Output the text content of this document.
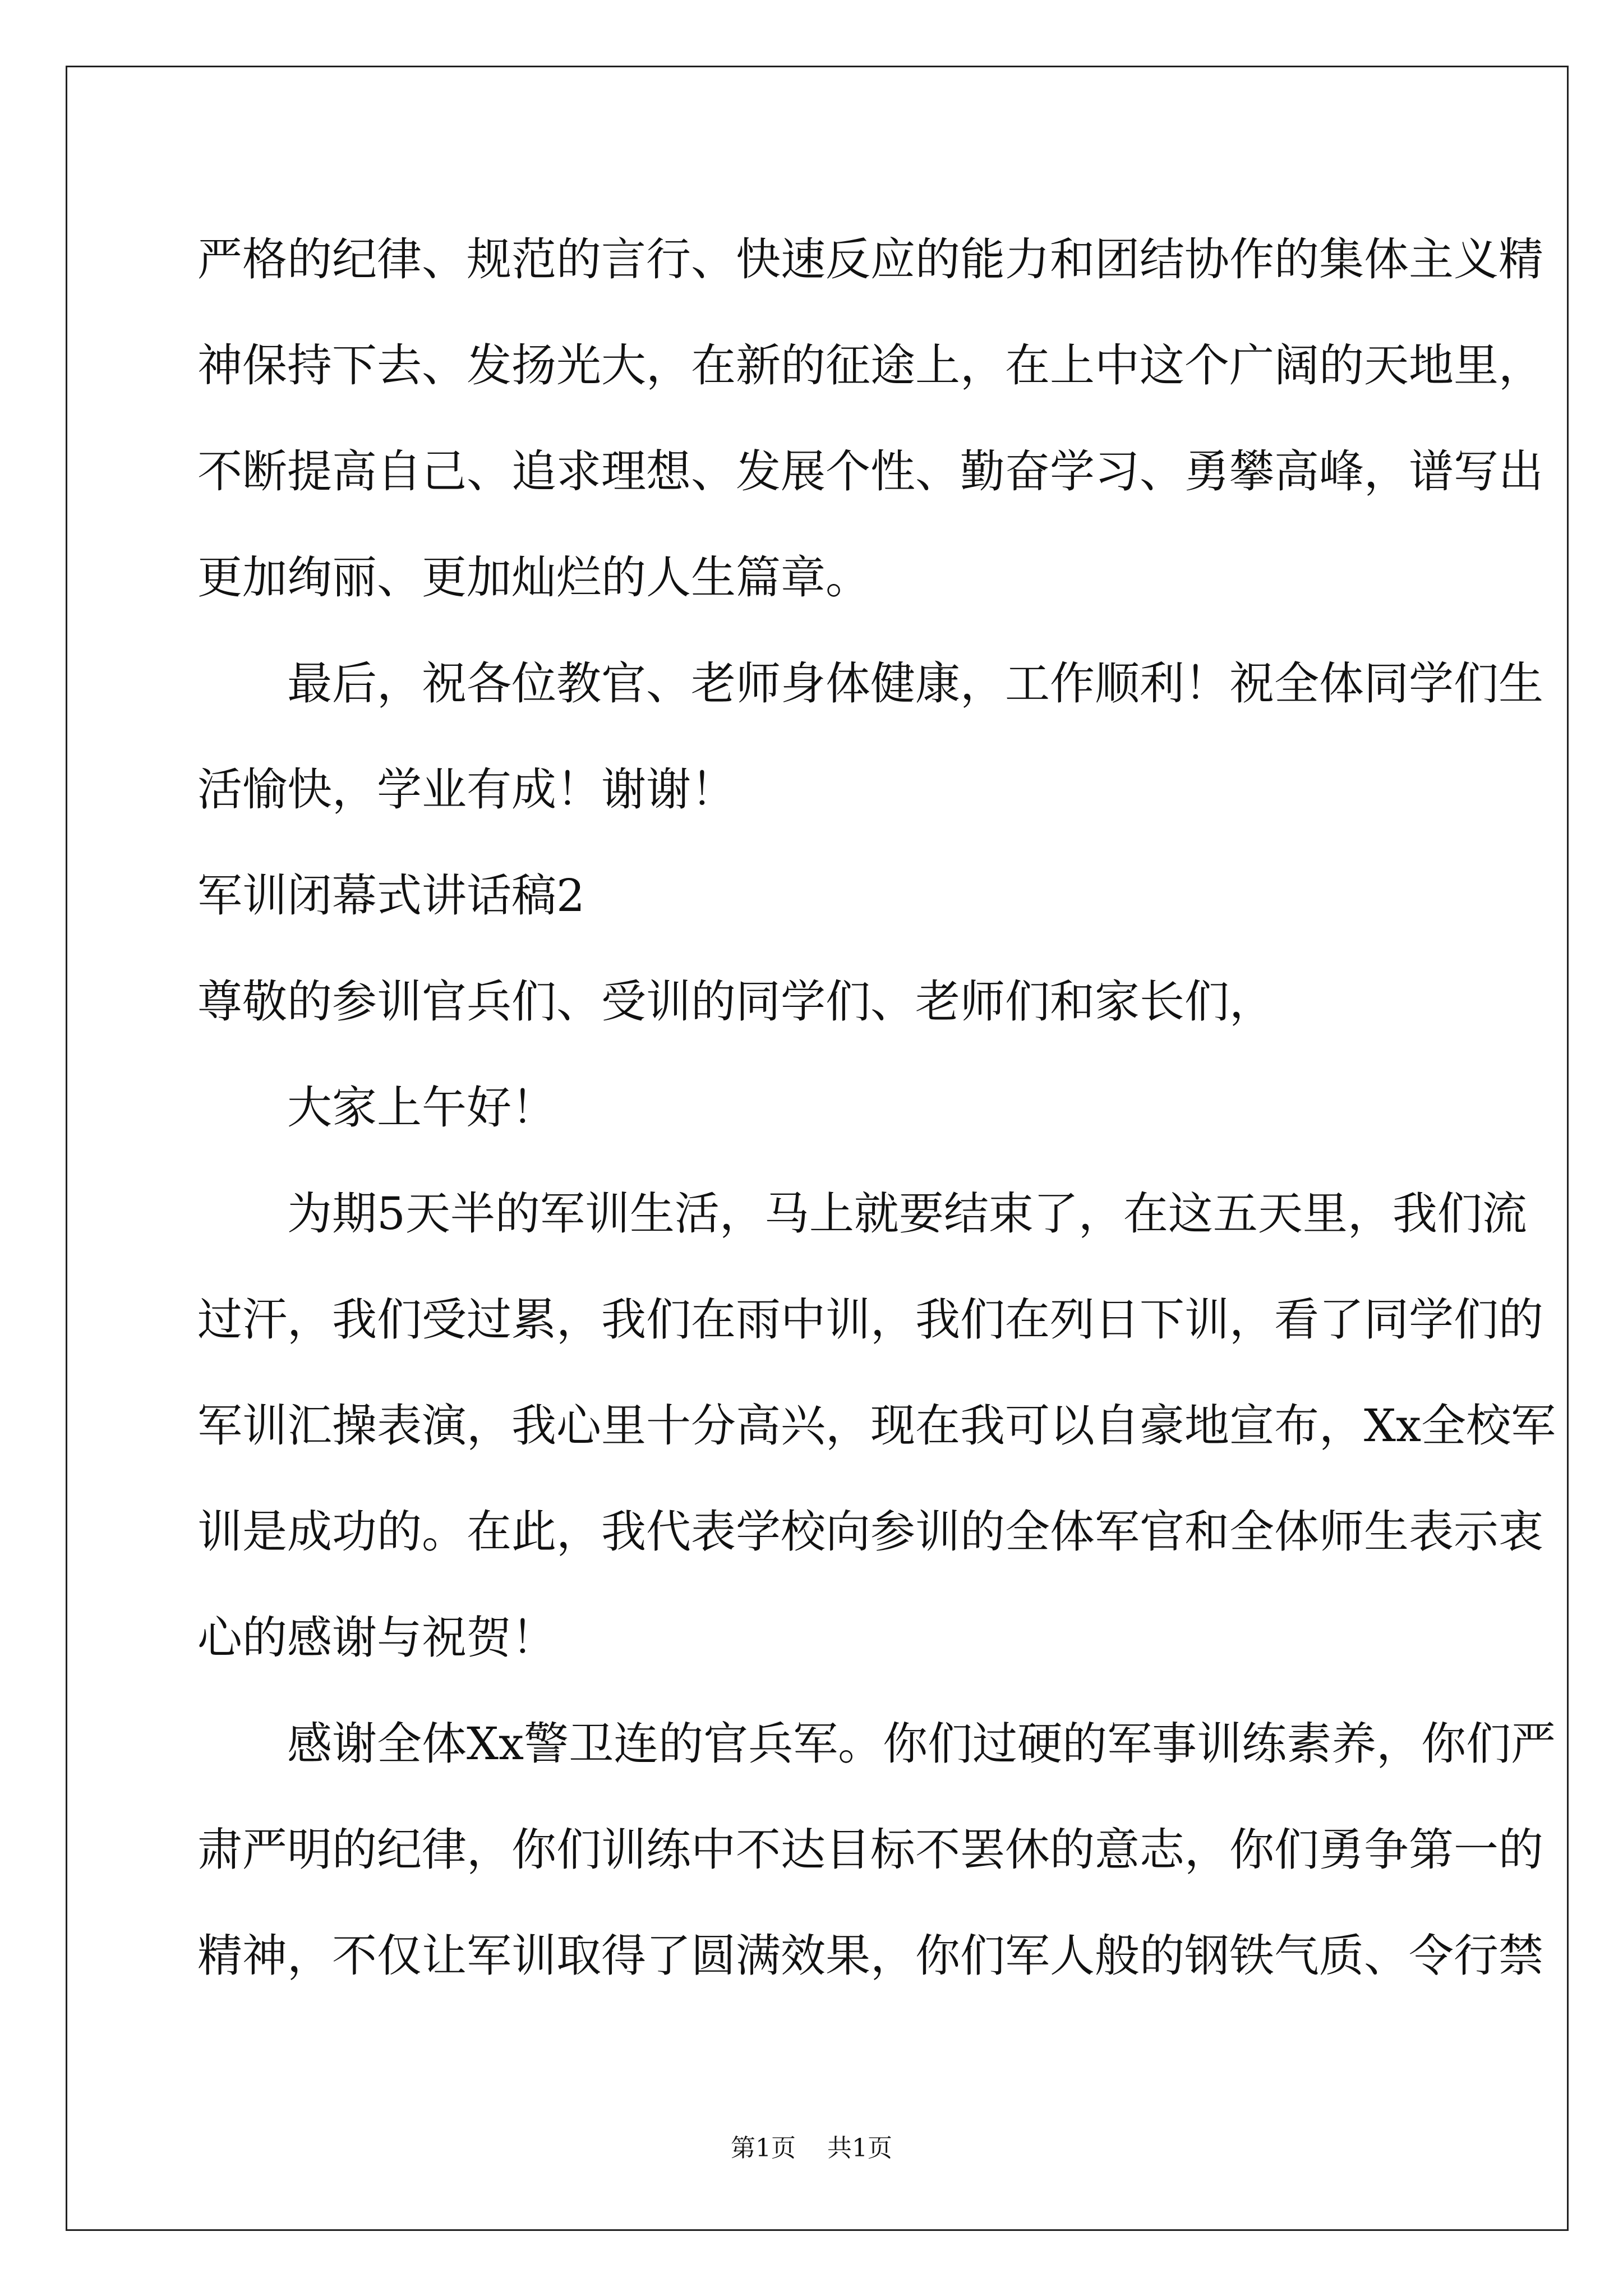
严格的纪律、规范的言行、快速反应的能力和团结协作的集体主义精
神保持下去、发扬光大，在新的征途上，在上中这个广阔的天地里，
不断提高自己、追求理想、发展个性、勤奋学习、勇攀高峰，谱写出
更加绚丽、更加灿烂的人生篇章。
最后，祝各位教官、老师身体健康，工作顺利！祝全体同学们生
活愉快，学业有成！谢谢！
军训闭幕式讲话稿2
尊敬的参训官兵们、受训的同学们、老师们和家长们，
大家上午好！
为期5天半的军训生活，马上就要结束了，在这五天里，我们流
过汗，我们受过累，我们在雨中训，我们在列日下训，看了同学们的
军训汇操表演，我心里十分高兴，现在我可以自豪地宣布，Xx全校军
训是成功的。在此，我代表学校向参训的全体军官和全体师生表示衷
心的感谢与祝贺！
感谢全体Xx警卫连的官兵军。你们过硬的军事训练素养，你们严
肃严明的纪律，你们训练中不达目标不罢休的意志，你们勇争第一的
精神，不仅让军训取得了圆满效果，你们军人般的钢铁气质、令行禁
第1页 共1页
